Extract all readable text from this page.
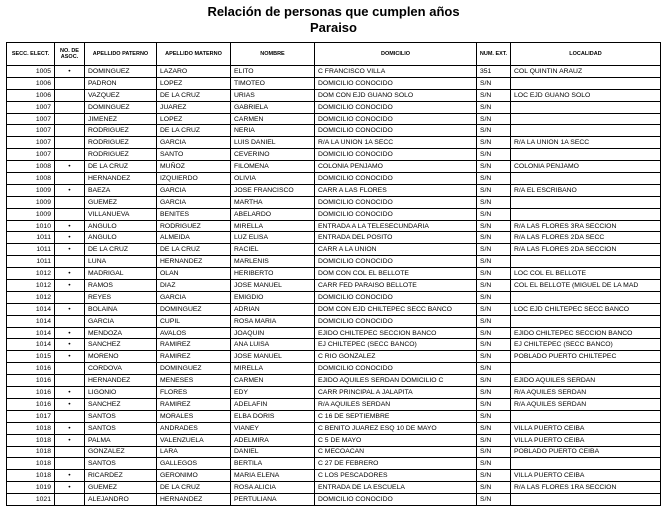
Relación de personas que cumplen años
Paraiso
SECC. ELECT.	NO. DE ASOC.	APELLIDO PATERNO	APELLIDO MATERNO	NOMBRE	DOMICILIO	NUM. EXT.	LOCALIDAD
1005	•	DOMINGUEZ	LAZARO	ELITO	C FRANCISCO VILLA	351	COL QUINTIN ARAUZ
1006		PADRON	LOPEZ	TIMOTEO	DOMICILIO CONOCIDO	S/N	
1006		VAZQUEZ	DE LA CRUZ	URIAS	DOM CON EJD GUANO SOLO	S/N	LOC EJD GUANO SOLO
1007		DOMINGUEZ	JUAREZ	GABRIELA	DOMICILIO CONOCIDO	S/N	
1007		JIMENEZ	LOPEZ	CARMEN	DOMICILIO CONOCIDO	S/N	
1007		RODRIGUEZ	DE LA CRUZ	NERIA	DOMICILIO CONOCIDO	S/N	
1007		RODRIGUEZ	GARCIA	LUIS DANIEL	R/A LA UNION 1A SECC	S/N	R/A LA UNION 1A SECC
1007		RODRIGUEZ	SANTO	CEVERINO	DOMICILIO CONOCIDO	S/N	
1008	•	DE LA CRUZ	MUÑOZ	FILOMENA	COLONIA PENJAMO	S/N	COLONIA PENJAMO
1008		HERNANDEZ	IZQUIERDO	OLIVIA	DOMICILIO CONOCIDO	S/N	
1009	•	BAEZA	GARCIA	JOSE FRANCISCO	CARR A LAS FLORES	S/N	R/A EL ESCRIBANO
1009		GUEMEZ	GARCIA	MARTHA	DOMICILIO CONOCIDO	S/N	
1009		VILLANUEVA	BENITES	ABELARDO	DOMICILIO CONOCIDO	S/N	
1010	•	ANGULO	RODRIGUEZ	MIRELLA	ENTRADA A LA TELESECUNDARIA	S/N	R/A LAS FLORES 3RA SECCION
1011	•	ANGULO	ALMEIDA	LUZ ELISA	ENTRADA DEL POSITO	S/N	R/A LAS FLORES 2DA SECC
1011	•	DE LA CRUZ	DE LA CRUZ	RACIEL	CARR A LA UNION	S/N	R/A LAS FLORES 2DA SECCION
1011		LUNA	HERNANDEZ	MARLENIS	DOMICILIO CONOCIDO	S/N	
1012	•	MADRIGAL	OLAN	HERIBERTO	DOM CON COL EL BELLOTE	S/N	LOC COL EL BELLOTE
1012	•	RAMOS	DIAZ	JOSE MANUEL	CARR FED PARAISO BELLOTE	S/N	COL EL BELLOTE (MIGUEL DE LA MAD
1012		REYES	GARCIA	EMIGDIO	DOMICILIO CONOCIDO	S/N	
1014	•	BOLAINA	DOMINGUEZ	ADRIAN	DOM CON EJD CHILTEPEC SECC BANCO	S/N	LOC EJD CHILTEPEC SECC BANCO
1014		GARCIA	CUPIL	ROSA MARIA	DOMICILIO CONOCIDO	S/N	
1014	•	MENDOZA	AVALOS	JOAQUIN	EJIDO CHILTEPEC SECCION BANCO	S/N	EJIDO CHILTEPEC SECCION BANCO
1014	•	SANCHEZ	RAMIREZ	ANA LUISA	EJ CHILTEPEC (SECC BANCO)	S/N	EJ CHILTEPEC (SECC BANCO)
1015	•	MORENO	RAMIREZ	JOSE MANUEL	C RIO GONZALEZ	S/N	POBLADO PUERTO CHILTEPEC
1016		CORDOVA	DOMINGUEZ	MIRELLA	DOMICILIO CONOCIDO	S/N	
1016		HERNANDEZ	MENESES	CARMEN	EJIDO AQUILES SERDAN DOMICILIO C	S/N	EJIDO AQUILES SERDAN
1016	•	LIGONIO	FLORES	EDY	CARR PRINCIPAL A JALAPITA	S/N	R/A AQUILES SERDAN
1016	•	SANCHEZ	RAMIREZ	ADELAFIN	R/A AQUILES SERDAN	S/N	R/A AQUILES SERDAN
1017		SANTOS	MORALES	ELBA DORIS	C 16 DE SEPTIEMBRE	S/N	
1018	•	SANTOS	ANDRADES	VIANEY	C BENITO JUAREZ ESQ 10 DE MAYO	S/N	VILLA PUERTO CEIBA
1018	•	PALMA	VALENZUELA	ADELMIRA	C 5 DE MAYO	S/N	VILLA PUERTO CEIBA
1018		GONZALEZ	LARA	DANIEL	C MECOACAN	S/N	POBLADO PUERTO CEIBA
1018		SANTOS	GALLEGOS	BERTILA	C 27 DE FEBRERO	S/N	
1018	•	RICARDEZ	GERONIMO	MARIA ELENA	C LOS PESCADORES	S/N	VILLA PUERTO CEIBA
1019	•	GUEMEZ	DE LA CRUZ	ROSA ALICIA	ENTRADA DE LA ESCUELA	S/N	R/A LAS FLORES 1RA SECCION
1021		ALEJANDRO	HERNANDEZ	PERTULIANA	DOMICILIO CONOCIDO	S/N	
